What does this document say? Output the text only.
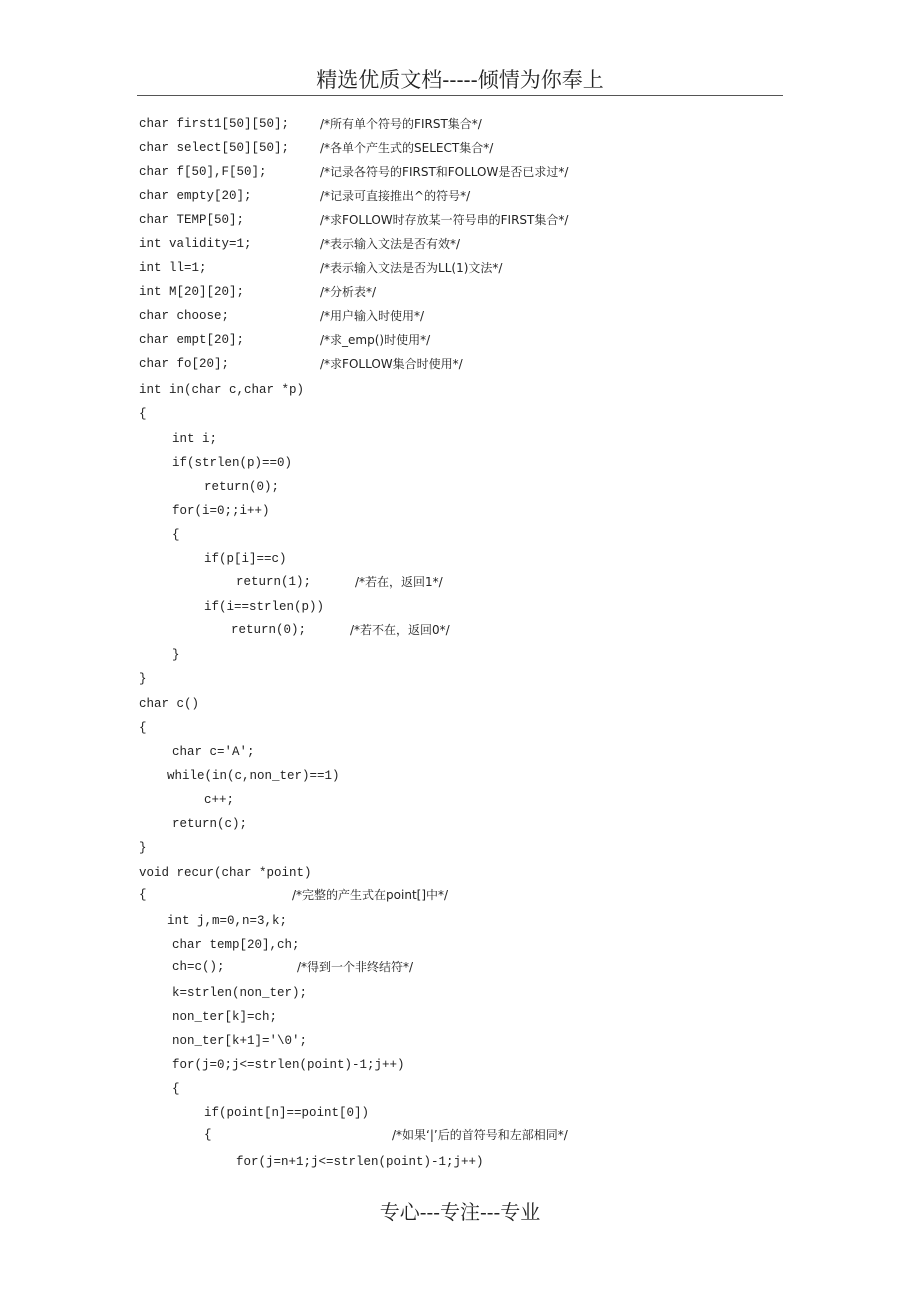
精选优质文档-----倾情为你奉上
char first1[50][50];	/*所有单个符号的FIRST集合*/
char select[50][50];	/*各单个产生式的SELECT集合*/
char f[50],F[50];	/*记录各符号的FIRST和FOLLOW是否已求过*/
char empty[20];	/*记录可直接推出^的符号*/
char TEMP[50];	/*求FOLLOW时存放某一符号串的FIRST集合*/
int validity=1;	/*表示输入文法是否有效*/
int ll=1;	/*表示输入文法是否为LL(1)文法*/
int M[20][20];	/*分析表*/
char choose;	/*用户输入时使用*/
char empt[20];	/*求_emp()时使用*/
char fo[20];	/*求FOLLOW集合时使用*/
int in(char c,char *p)
{
int i;
if(strlen(p)==0)
return(0);
for(i=0;;i++)
{
if(p[i]==c)
return(1);	/*若在，返回1*/
if(i==strlen(p))
return(0);	/*若不在，返回0*/
}
}
char c()
{
char c='A';
while(in(c,non_ter)==1)
c++;
return(c);
}
void recur(char *point)
{	/*完整的产生式在point[]中*/
int j,m=0,n=3,k;
char temp[20],ch;
ch=c();	/*得到一个非终结符*/
k=strlen(non_ter);
non_ter[k]=ch;
non_ter[k+1]='\0';
for(j=0;j<=strlen(point)-1;j++)
{
if(point[n]==point[0])
{	/*如果‘|’后的首符号和左部相同*/
for(j=n+1;j<=strlen(point)-1;j++)
专心---专注---专业
